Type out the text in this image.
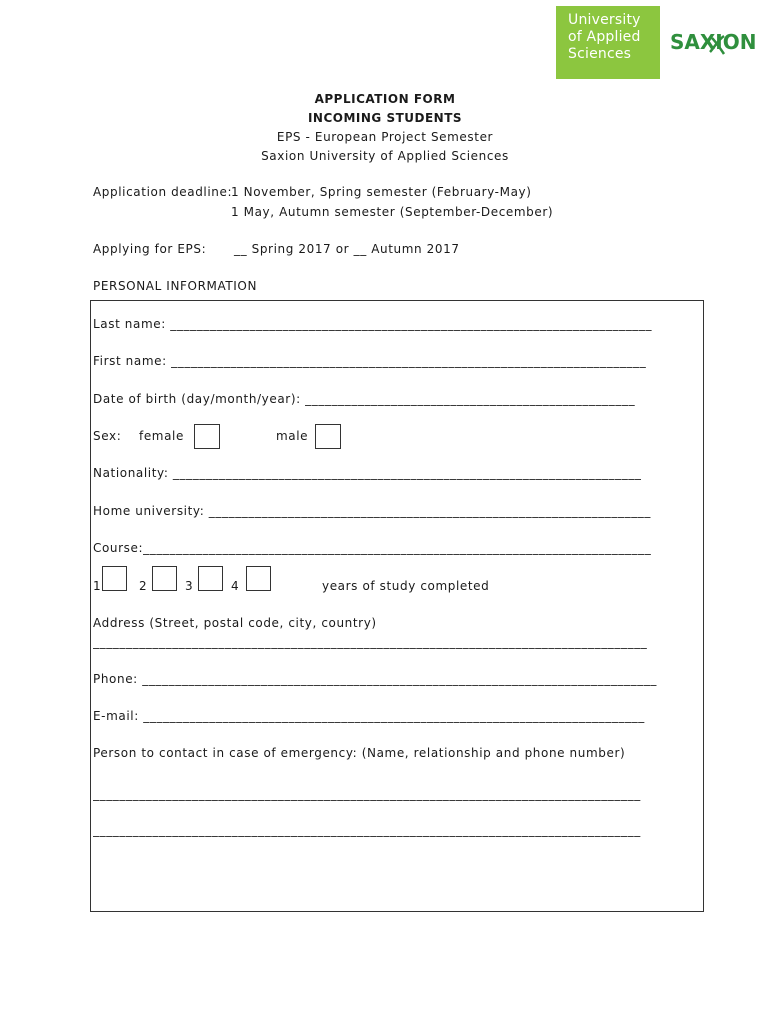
University
of Applied
Sciences	SAXION
APPLICATION FORM
INCOMING STUDENTS
EPS - European Project Semester
Saxion University of Applied Sciences
Application deadline:
1 November, Spring semester (February-May)
1 May, Autumn semester (September-December)
Applying for EPS: __ Spring 2017 or __ Autumn 2017
PERSONAL INFORMATION
Last name: _________________________________________________________________________
First name: ________________________________________________________________________
Date of birth (day/month/year): __________________________________________________
Sex: female	male
Nationality: _______________________________________________________________________
Home university: ___________________________________________________________________
Course:_____________________________________________________________________________
1	2	3	4	years of study completed
Address (Street, postal code, city, country)
____________________________________________________________________________________
Phone: ______________________________________________________________________________
E-mail: ____________________________________________________________________________
Person to contact in case of emergency: (Name, relationship and phone number)
___________________________________________________________________________________
___________________________________________________________________________________
